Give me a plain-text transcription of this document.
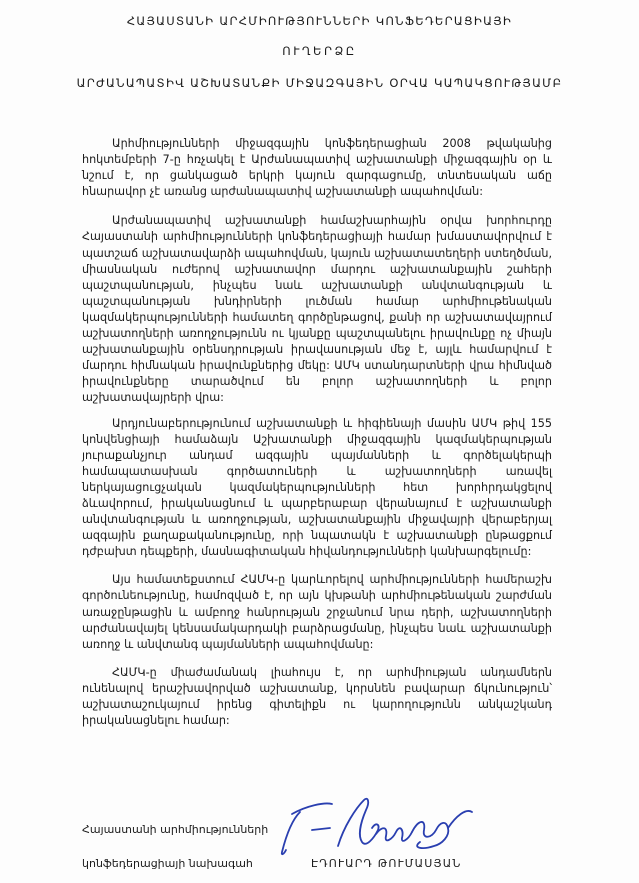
ՀԱՅԱՍՏԱՆԻ ԱՐՀՄԻՈՒԹՅՈՒՆՆԵՐԻ ԿՈՆՖԵԴԵՐԱՑԻԱՅԻ
ՈՒՂԵՐՁԸ
ԱՐԺԱՆԱՊԱՏԻՎ ԱՇԽԱՏԱՆՔԻ ՄԻՋԱԶԳԱՅԻՆ ՕՐՎԱ ԿԱՊԱԿՑՈՒԹՅԱՄԲ

Արհմիությունների միջազգային կոնֆեդերացիան 2008 թվականից հոկտեմբերի 7-ը հռչակել է Արժանապատիվ աշխատանքի միջազգային օր և նշում է, որ ցանկացած երկրի կայուն զարգացումը, տնտեսական աճը հնարավոր չէ առանց արժանապատիվ աշխատանքի ապահովման:

Արժանապատիվ աշխատանքի համաշխարհային օրվա խորհուրդը Հայաստանի արհմիությունների կոնֆեդերացիայի համար խմաստավորվում է պատշաճ աշխատավարձի ապահովման, կայուն աշխատատեղերի ստեղծման, միասնական ուժերով աշխատավոր մարդու աշխատանքային շահերի պաշտպանության, ինչպես նաև աշխատանքի անվտանգության և պաշտպանության խնդիրների լուծման համար արհմիութենական կազմակերպությունների համատեղ գործընթացով, քանի որ աշխատավայրում աշխատողների առողջությունն ու կյանքը պաշտպանելու իրավունքը ոչ միայն աշխատանքային օրենսդրության իրավասության մեջ է, այլև համարվում է մարդու հիմնական իրավունքներից մեկը: ԱՄԿ ստանդարտների վրա հիմնված իրավունքները տարածվում են բոլոր աշխատողների և բոլոր աշխատավայրերի վրա:

Արդյունաբերությունում աշխատանքի և հիգիենայի մասին ԱՄԿ թիվ 155 կոնվենցիայի համաձայն Աշխատանքի միջազգային կազմակերպության յուրաքանչյուր անդամ ազգային պայմանների և գործելակերպի համապատասխան գործատուների և աշխատողների առավել ներկայացուցչական կազմակերպությունների հետ խորհրդակցելով ձևավորում, իրականացնում և պարբերաբար վերանայում է աշխատանքի անվտանգության և առողջության, աշխատանքային միջավայրի վերաբերյալ ազգային քաղաքականությունը, որի նպատակն է աշխատանքի ընթացքում դժբախտ դեպքերի, մասնագիտական հիվանդությունների կանխարգելումը:

Այս համատեքստում ՀԱՄԿ-ը կարևորելով արհմիությունների համերաշխ գործունեությունը, համոզված է, որ այն կխթանի արհմիութենական շարժման առաջընթացին և ամբողջ հանրության շրջանում նրա դերի, աշխատողների արժանավայել կենսամակարդակի բարձրացմանը, ինչպես նաև աշխատանքի առողջ և անվտանգ պայմանների ապահովմանը:

ՀԱՄԿ-ը միաժամանակ լիահույս է, որ արհմիության անդամներն ունենալով երաշխավորված աշխատանք, կորսնեն բավարար ճկունություն՝ աշխատաշուկայում իրենց գիտելիքն ու կարողությունն անկաշկանդ իրականացնելու համար:

Հայաստանի արհմիությունների
կոնֆեդերացիայի նախագահ	ԷԴՈՒԱՐԴ ԹՈՒՄԱՍՅԱՆ
